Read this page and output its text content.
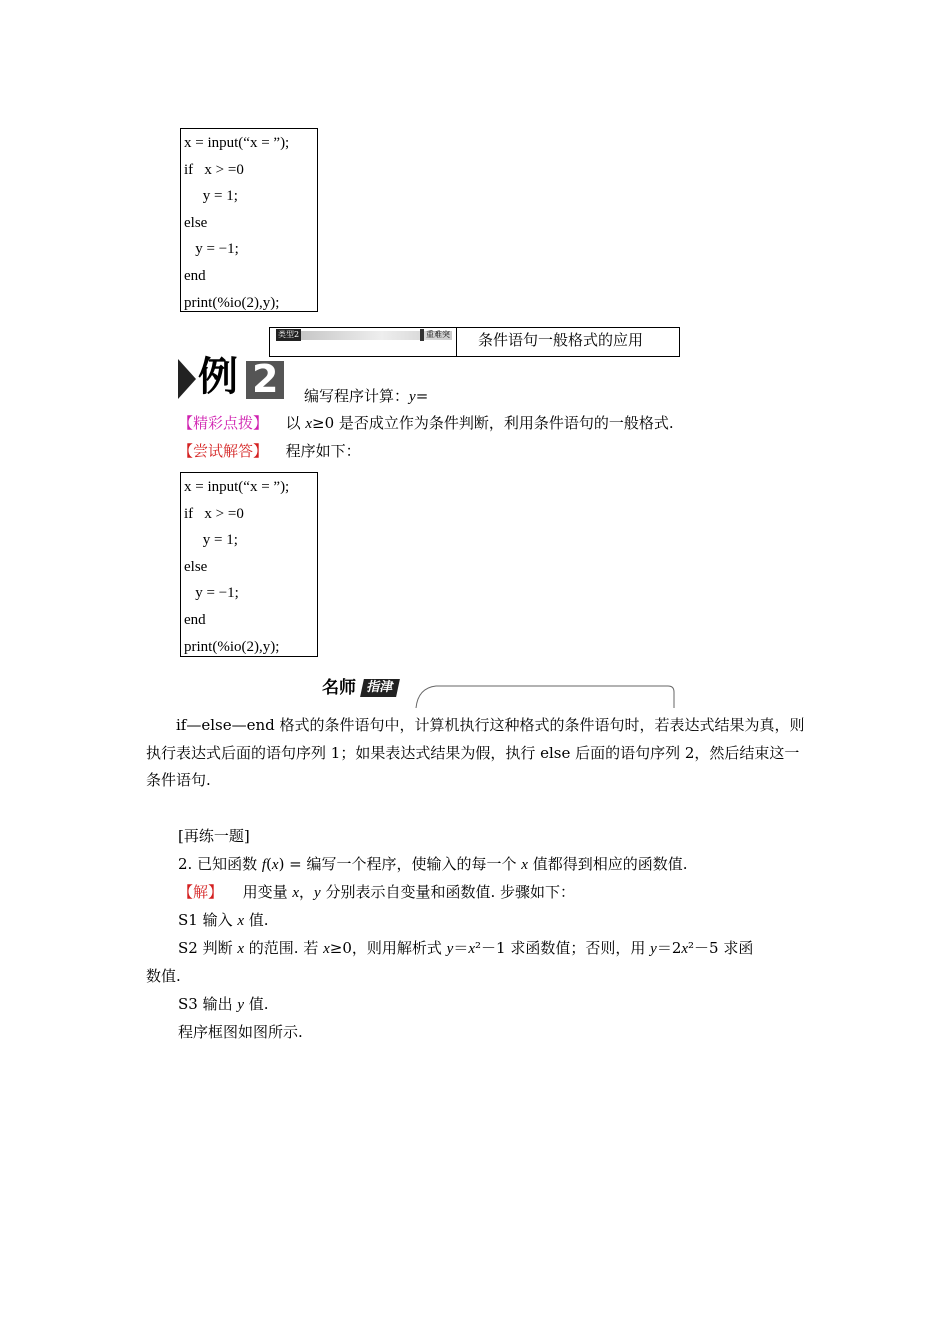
x = input(“x = ”);
if   x > =0
y = 1;
else
y = −1;
end
print(%io(2),y);
类型2	重难突 条件语句一般格式的应用
例 2 编写程序计算：y=
【精彩点拨】 以 x≥0 是否成立作为条件判断，利用条件语句的一般格式.
【尝试解答】 程序如下：
x = input(“x = ”);
if   x > =0
y = 1;
else
y = −1;
end
print(%io(2),y);
名师 指津
if—else—end 格式的条件语句中，计算机执行这种格式的条件语句时，若表达式结果为真，则执行表达式后面的语句序列 1；如果表达式结果为假，执行 else 后面的语句序列 2，然后结束这一条件语句.
[再练一题]
2. 已知函数 f(x) = 编写一个程序，使输入的每一个 x 值都得到相应的函数值.
【解】 用变量 x，y 分别表示自变量和函数值. 步骤如下：
S1 输入 x 值.
S2 判断 x 的范围. 若 x≥0，则用解析式 y＝x²－1 求函数值；否则，用 y＝2x²－5 求函
数值.
S3 输出 y 值.
程序框图如图所示.
